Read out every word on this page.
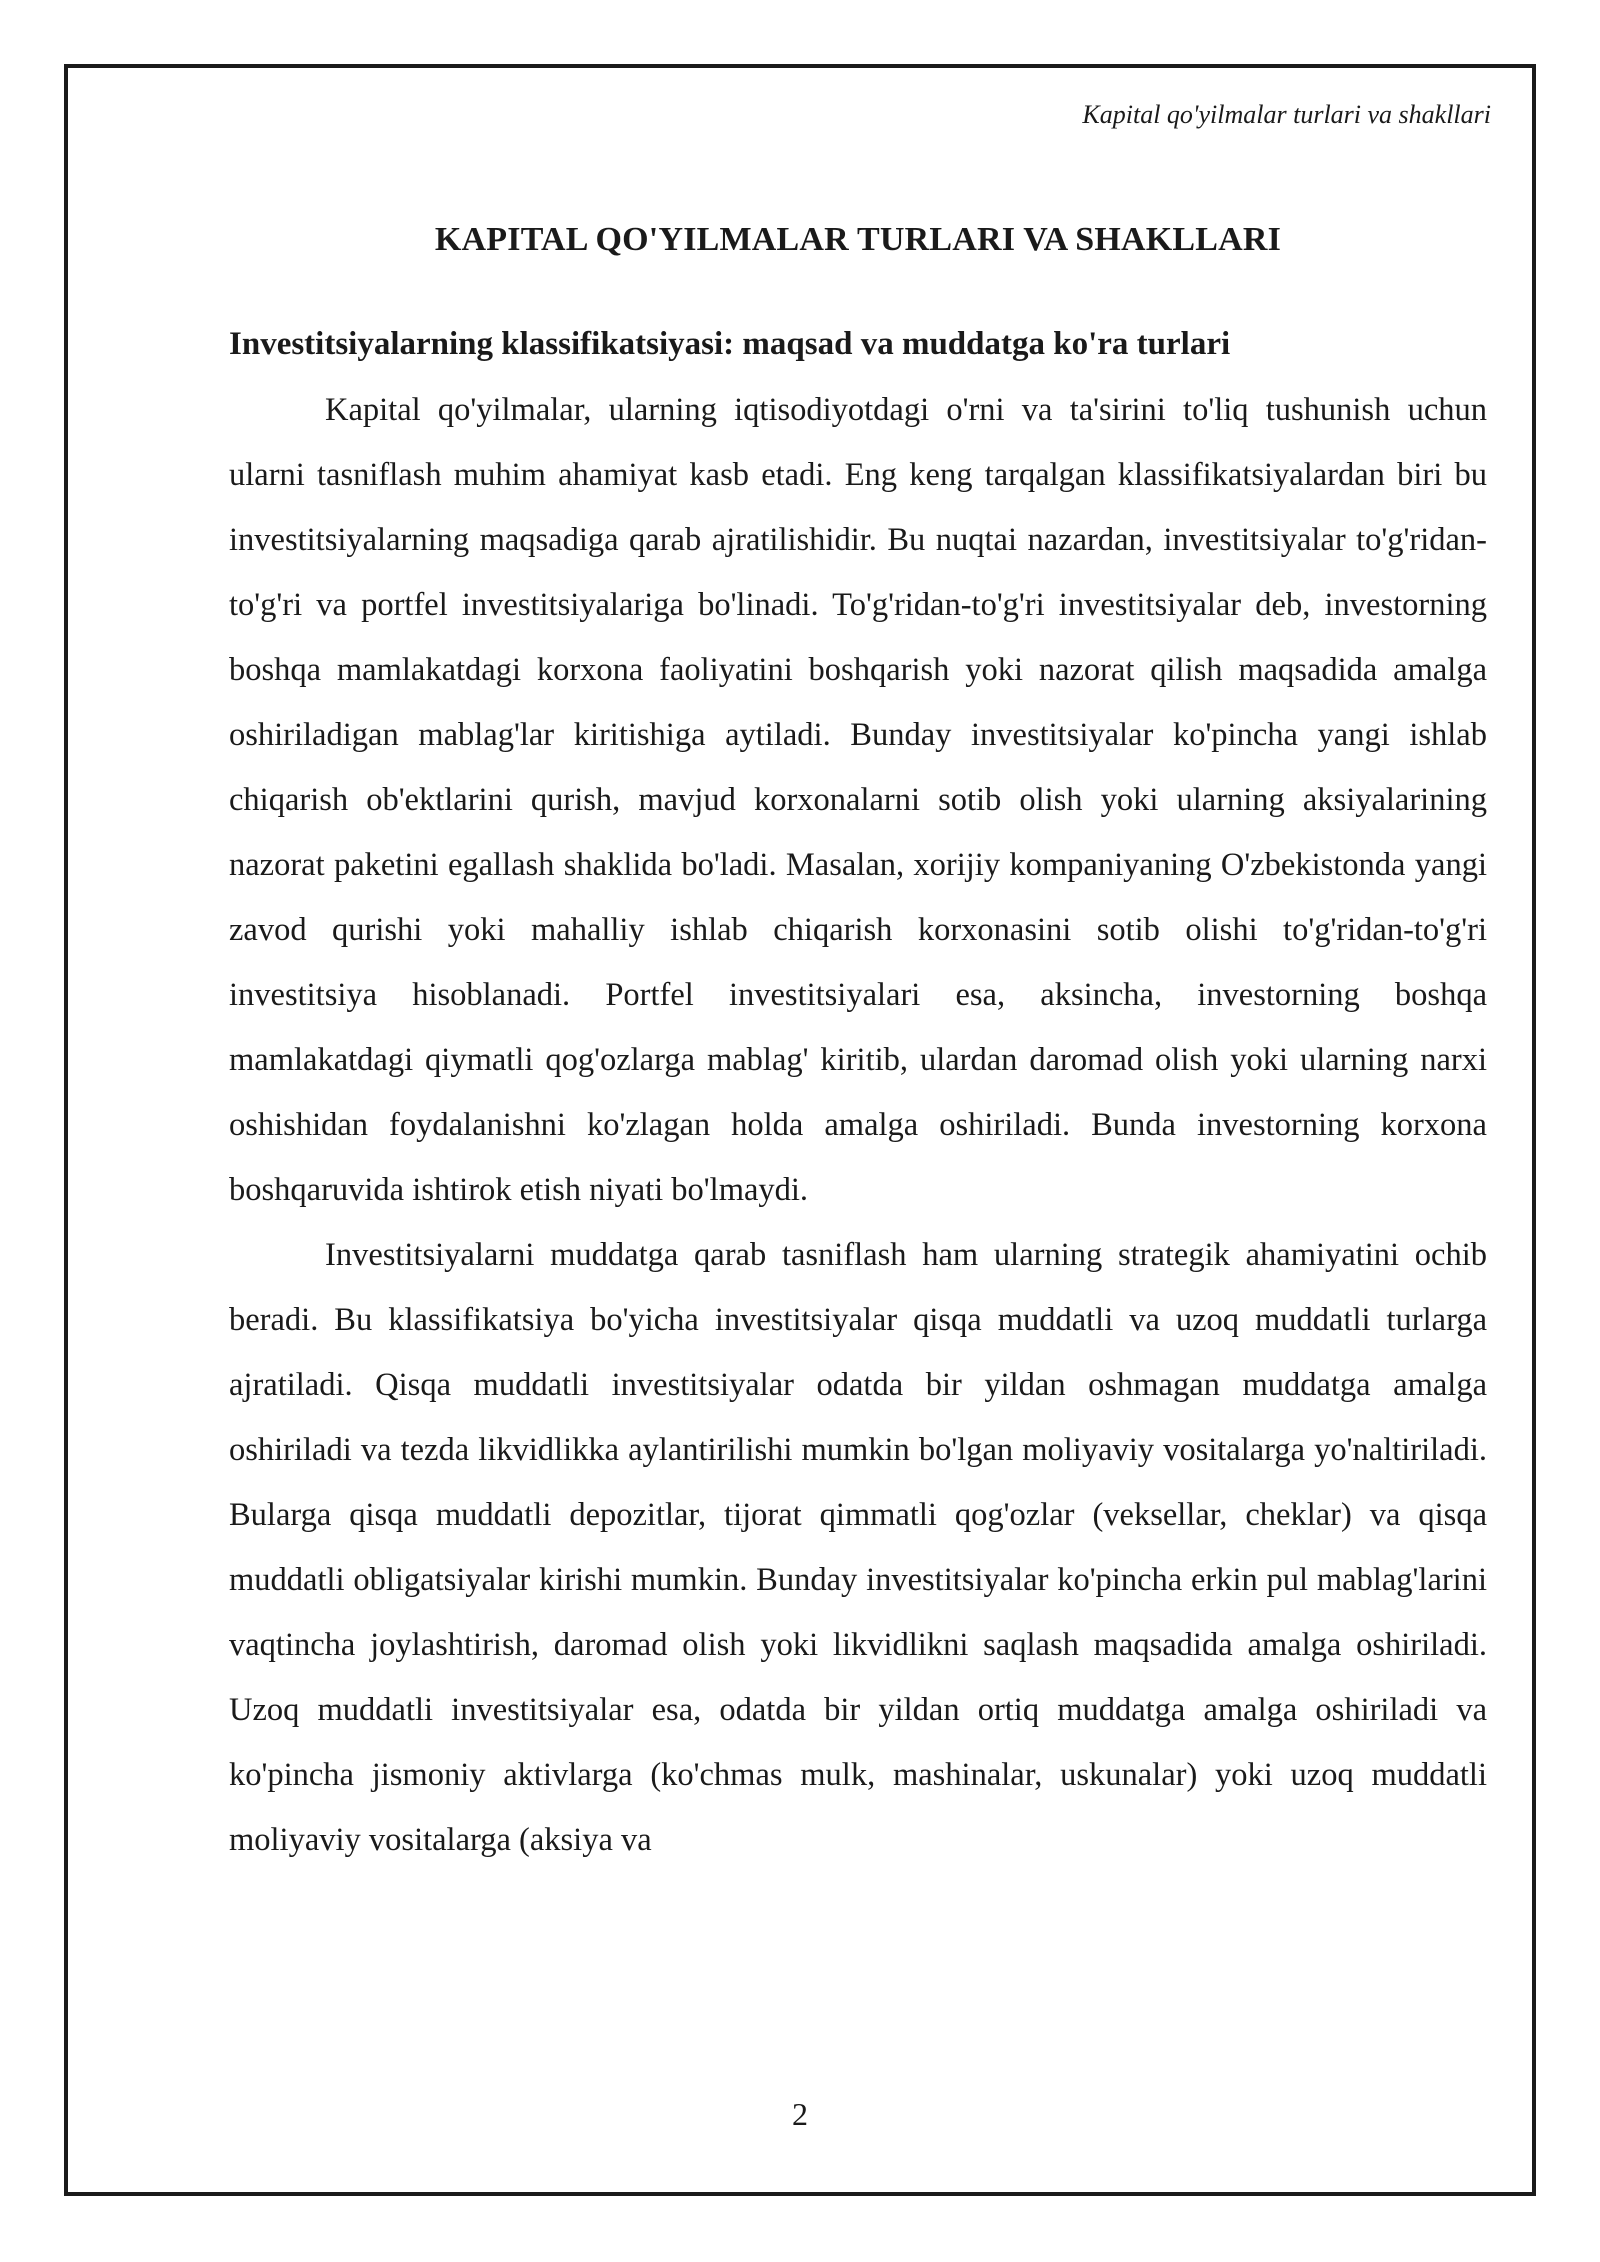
Kapital qo'yilmalar turlari va shakllari
KAPITAL QO'YILMALAR TURLARI VA SHAKLLARI
Investitsiyalarning klassifikatsiyasi: maqsad va muddatga ko'ra turlari

Kapital qo'yilmalar, ularning iqtisodiyotdagi o'rni va ta'sirini to'liq tushunish uchun ularni tasniflash muhim ahamiyat kasb etadi. Eng keng tarqalgan klassifikatsiyalardan biri bu investitsiyalarning maqsadiga qarab ajratilishidir. Bu nuqtai nazardan, investitsiyalar to'g'ridan-to'g'ri va portfel investitsiyalariga bo'linadi. To'g'ridan-to'g'ri investitsiyalar deb, investorning boshqa mamlakatdagi korxona faoliyatini boshqarish yoki nazorat qilish maqsadida amalga oshiriladigan mablag'lar kiritishiga aytiladi. Bunday investitsiyalar ko'pincha yangi ishlab chiqarish ob'ektlarini qurish, mavjud korxonalarni sotib olish yoki ularning aksiyalarining nazorat paketini egallash shaklida bo'ladi. Masalan, xorijiy kompaniyaning O'zbekistonda yangi zavod qurishi yoki mahalliy ishlab chiqarish korxonasini sotib olishi to'g'ridan-to'g'ri investitsiya hisoblanadi. Portfel investitsiyalari esa, aksincha, investorning boshqa mamlakatdagi qiymatli qog'ozlarga mablag' kiritib, ulardan daromad olish yoki ularning narxi oshishidan foydalanishni ko'zlagan holda amalga oshiriladi. Bunda investorning korxona boshqaruvida ishtirok etish niyati bo'lmaydi.

Investitsiyalarni muddatga qarab tasniflash ham ularning strategik ahamiyatini ochib beradi. Bu klassifikatsiya bo'yicha investitsiyalar qisqa muddatli va uzoq muddatli turlarga ajratiladi. Qisqa muddatli investitsiyalar odatda bir yildan oshmagan muddatga amalga oshiriladi va tezda likvidlikka aylantirilishi mumkin bo'lgan moliyaviy vositalarga yo'naltiriladi. Bularga qisqa muddatli depozitlar, tijorat qimmatli qog'ozlar (veksellar, cheklar) va qisqa muddatli obligatsiyalar kirishi mumkin. Bunday investitsiyalar ko'pincha erkin pul mablag'larini vaqtincha joylashtirish, daromad olish yoki likvidlikni saqlash maqsadida amalga oshiriladi. Uzoq muddatli investitsiyalar esa, odatda bir yildan ortiq muddatga amalga oshiriladi va ko'pincha jismoniy aktivlarga (ko'chmas mulk, mashinalar, uskunalar) yoki uzoq muddatli moliyaviy vositalarga (aksiya va

2
